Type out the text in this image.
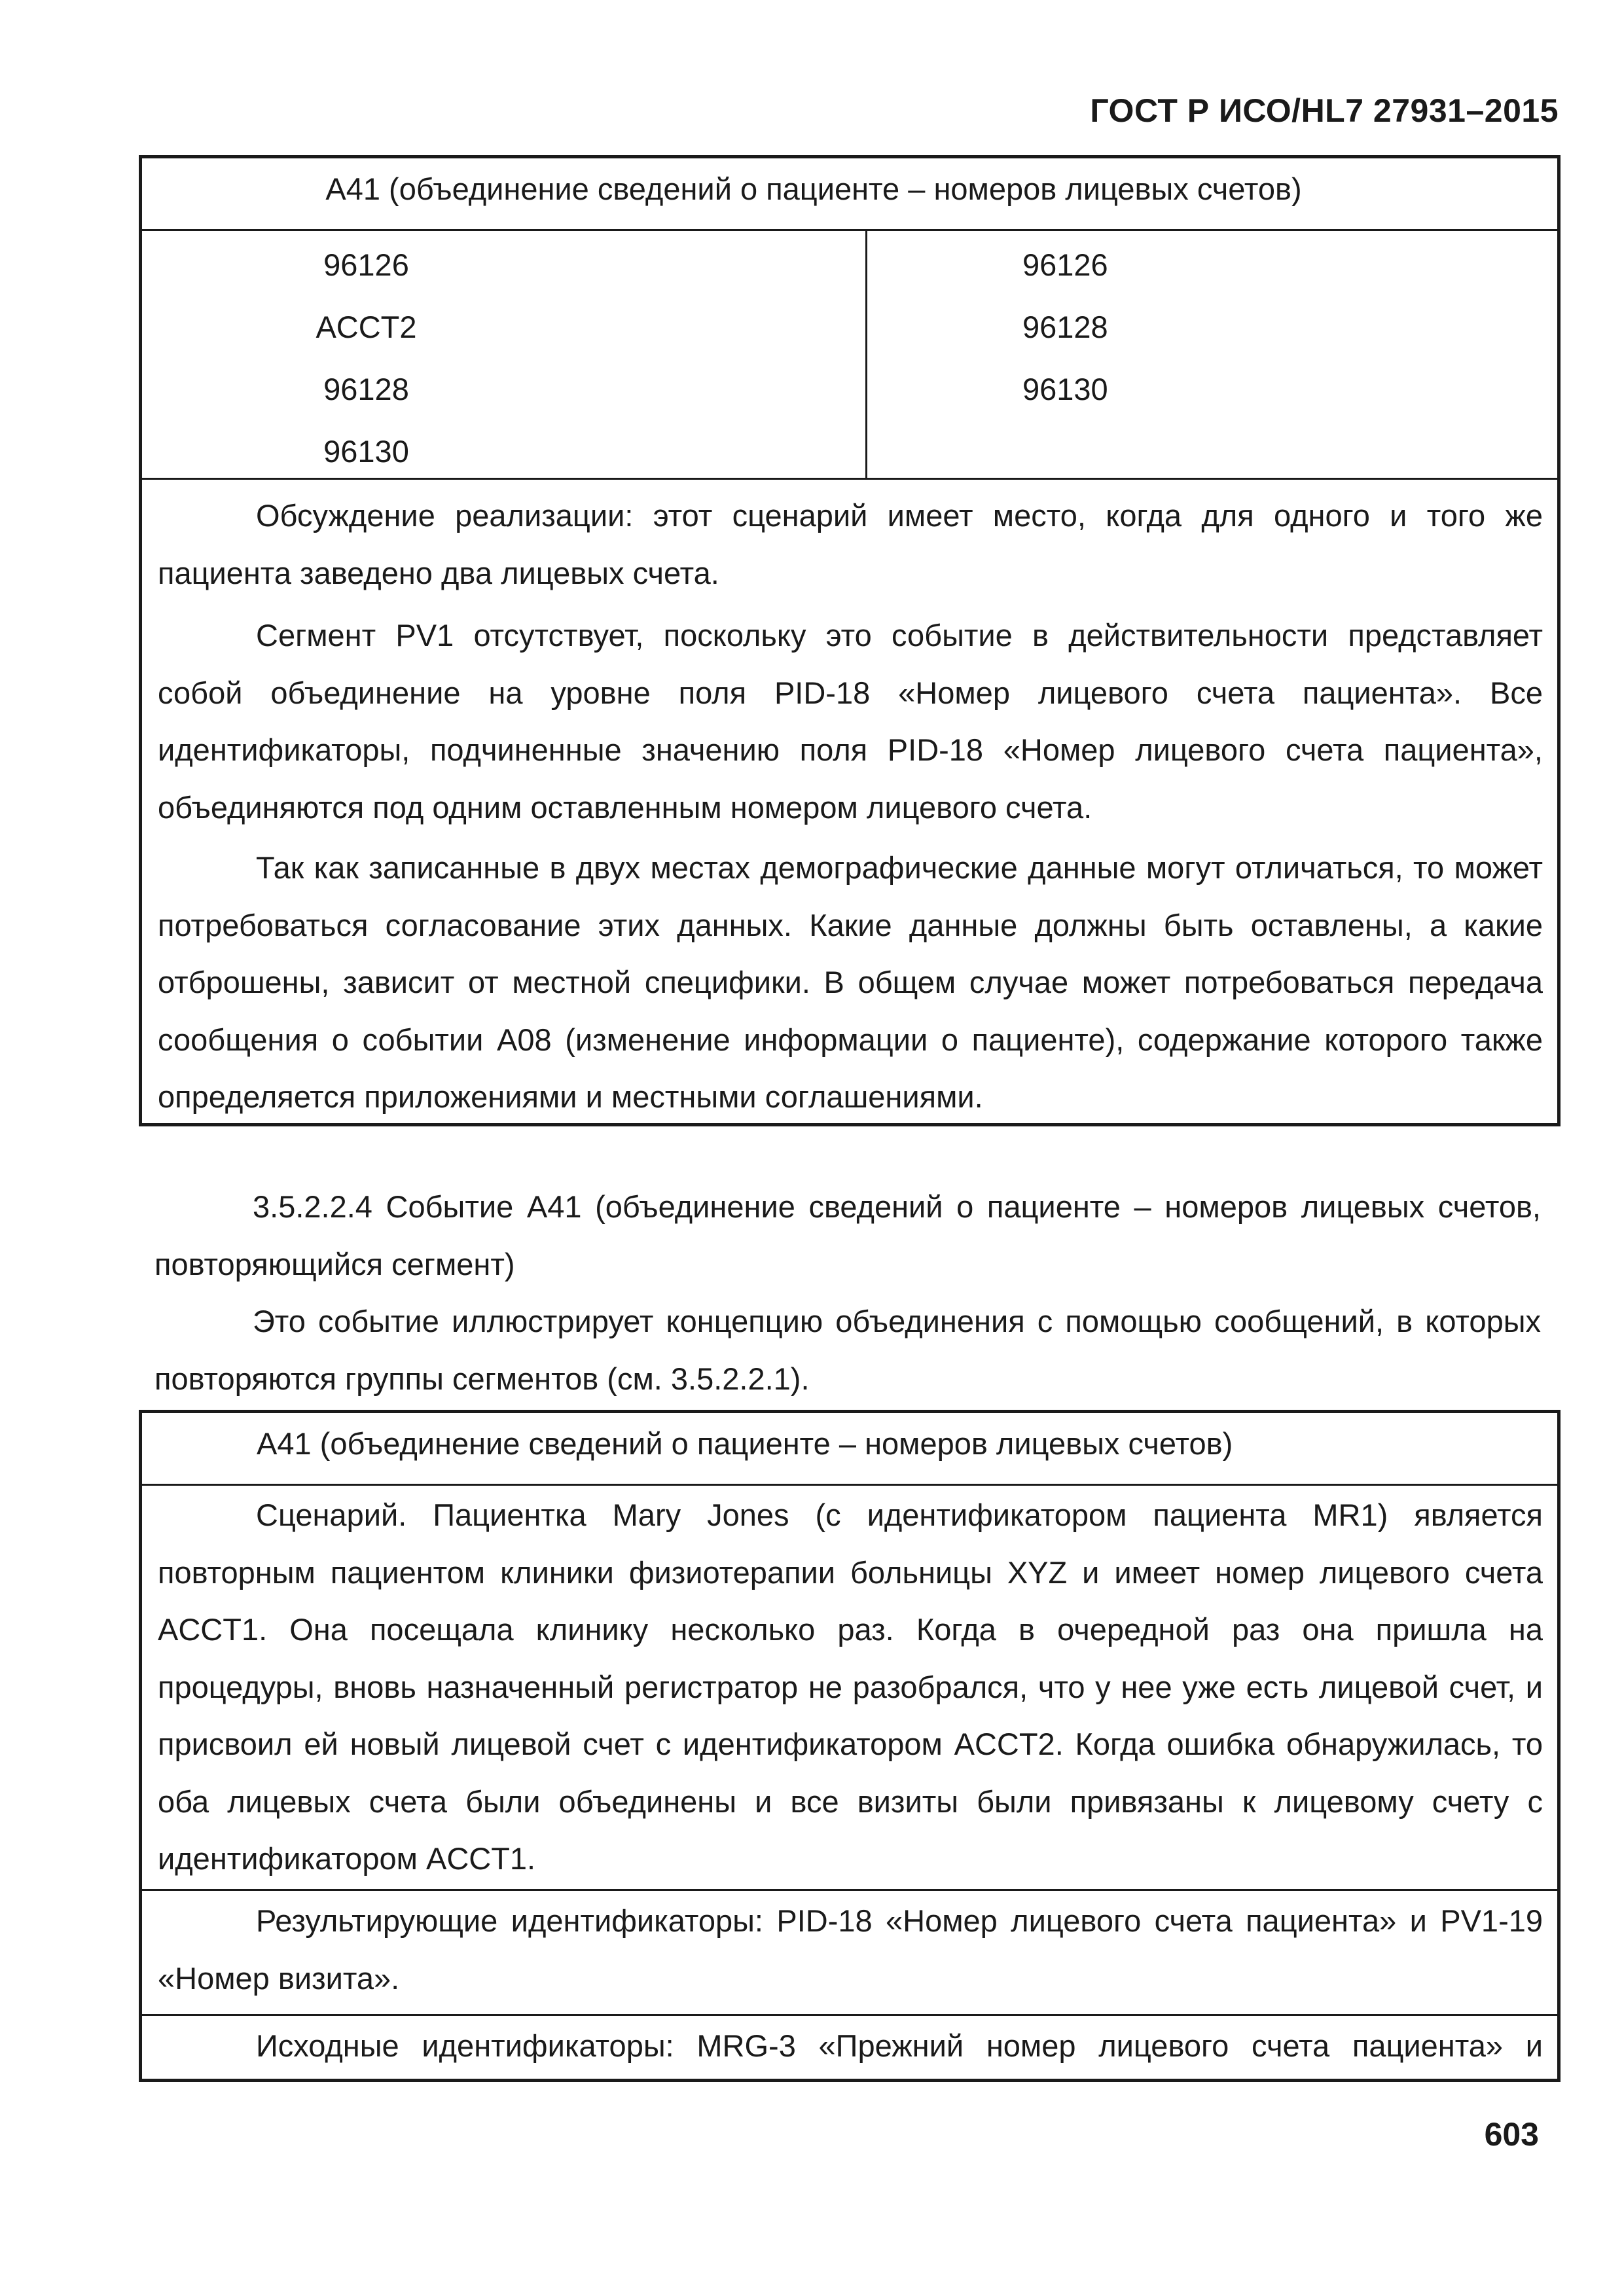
ГОСТ Р ИСО/HL7 27931–2015
А41 (объединение сведений о пациенте – номеров лицевых счетов)
96126
ACCT2
96128
96130
96126
96128
96130

Обсуждение реализации: этот сценарий имеет место, когда для одного и того же пациента заведено два лицевых счета.

Сегмент PV1 отсутствует, поскольку это событие в действительности представляет собой объединение на уровне поля PID-18 «Номер лицевого счета пациента». Все идентификаторы, подчиненные значению поля PID-18 «Номер лицевого счета пациента», объединяются под одним оставленным номером лицевого счета.

Так как записанные в двух местах демографические данные могут отличаться, то может потребоваться согласование этих данных. Какие данные должны быть оставлены, а какие отброшены, зависит от местной специфики. В общем случае может потребоваться передача сообщения о событии А08 (изменение информации о пациенте), содержание которого также определяется приложениями и местными соглашениями.

3.5.2.2.4 Событие А41 (объединение сведений о пациенте – номеров лицевых счетов, повторяющийся сегмент)

Это событие иллюстрирует концепцию объединения с помощью сообщений, в которых повторяются группы сегментов (см. 3.5.2.2.1).

А41 (объединение сведений о пациенте – номеров лицевых счетов)

Сценарий. Пациентка Mary Jones (с идентификатором пациента MR1) является повторным пациентом клиники физиотерапии больницы XYZ и имеет номер лицевого счета ACCT1. Она посещала клинику несколько раз. Когда в очередной раз она пришла на процедуры, вновь назначенный регистратор не разобрался, что у нее уже есть лицевой счет, и присвоил ей новый лицевой счет с идентификатором ACCT2. Когда ошибка обнаружилась, то оба лицевых счета были объединены и все визиты были привязаны к лицевому счету с идентификатором ACCT1.

Результирующие идентификаторы: PID-18 «Номер лицевого счета пациента» и PV1-19 «Номер визита».

Исходные идентификаторы: MRG-3 «Прежний номер лицевого счета пациента» и

603
